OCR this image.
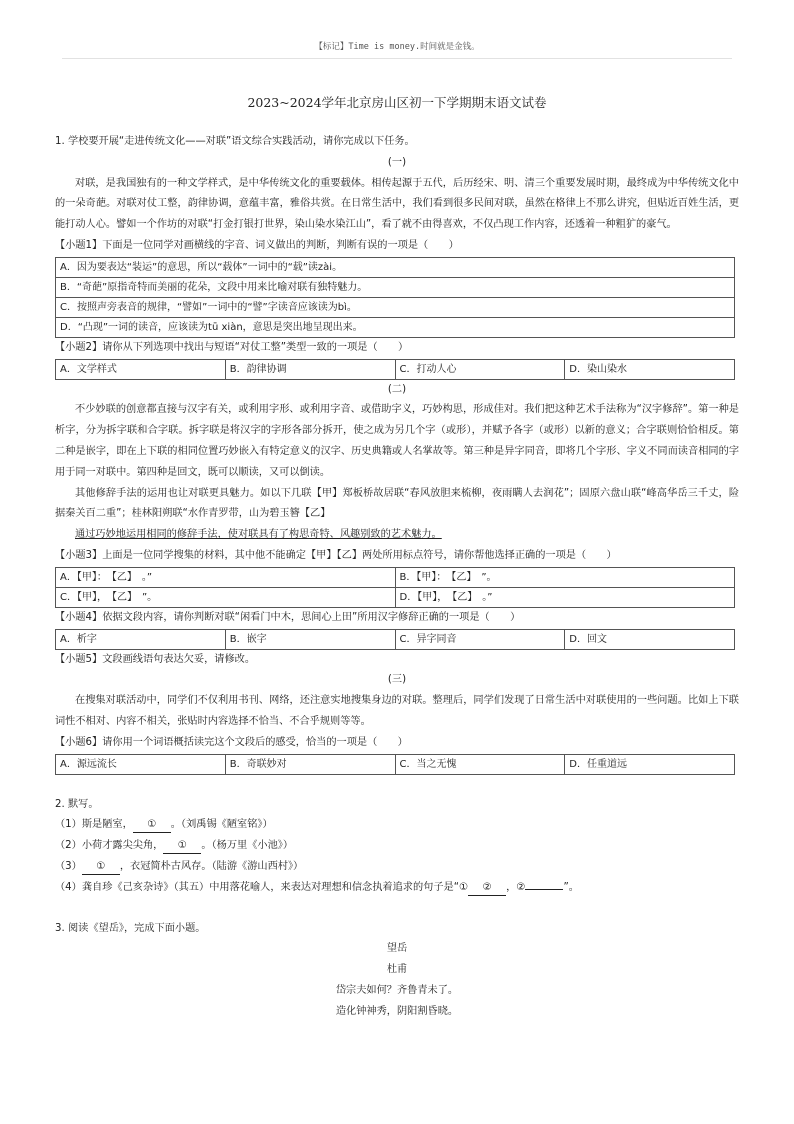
【标记】Time is money.时间就是金钱。
2023~2024学年北京房山区初一下学期期末语文试卷

1. 学校要开展“走进传统文化——对联”语文综合实践活动，请你完成以下任务。

(一)

对联，是我国独有的一种文学样式，是中华传统文化的重要载体。相传起源于五代，后历经宋、明、清三个重要发展时期，最终成为中华传统文化中的一朵奇葩。对联对仗工整，韵律协调，意蕴丰富，雅俗共赏。在日常生活中，我们看到很多民间对联，虽然在格律上不那么讲究，但贴近百姓生活，更能打动人心。譬如一个作坊的对联“打金打银打世界，染山染水染江山”，看了就不由得喜欢，不仅凸现工作内容，还透着一种粗犷的豪气。

【小题1】下面是一位同学对画横线的字音、词义做出的判断，判断有误的一项是（　　）

A．因为要表达“装运”的意思，所以“载体”一词中的“载”读zài。
B．“奇葩”原指奇特而美丽的花朵，文段中用来比喻对联有独特魅力。
C．按照声旁表音的规律，“譬如”一词中的“譬”字读音应该读为bì。
D．“凸现”一词的读音，应该读为tū xiàn，意思是突出地呈现出来。

【小题2】请你从下列选项中找出与短语“对仗工整”类型一致的一项是（　　）

A．文学样式	B．韵律协调	C．打动人心	D．染山染水

(二)

不少妙联的创意都直接与汉字有关，或利用字形、或利用字音、或借助字义，巧妙构思，形成佳对。我们把这种艺术手法称为“汉字修辞”。第一种是析字，分为拆字联和合字联。拆字联是将汉字的字形各部分拆开，使之成为另几个字（或形），并赋予各字（或形）以新的意义；合字联则恰恰相反。第二种是嵌字，即在上下联的相同位置巧妙嵌入有特定意义的汉字、历史典籍或人名掌故等。第三种是异字同音，即将几个字形、字义不同而读音相同的字用于同一对联中。第四种是回文，既可以顺读，又可以倒读。
其他修辞手法的运用也让对联更具魅力。如以下几联【甲】郑板桥故居联“春风放胆来梳柳，夜雨瞒人去润花”；固原六盘山联“峰高华岳三千丈，险据秦关百二重”；桂林阳朔联“水作青罗带，山为碧玉簪【乙】
通过巧妙地运用相同的修辞手法，使对联具有了构思奇特、风趣别致的艺术魅力。

【小题3】上面是一位同学搜集的材料，其中他不能确定【甲】【乙】两处所用标点符号，请你帮他选择正确的一项是（　　）

A．【甲】：　【乙】　。”	B．【甲】：　【乙】　”。
C．【甲】，　【乙】　”。	D．【甲】，　【乙】　。”

【小题4】依据文段内容，请你判断对联“闲看门中木，思间心上田”所用汉字修辞正确的一项是（　　）

A．析字	B．嵌字	C．异字同音	D．回文

【小题5】文段画线语句表达欠妥，请修改。

(三)

在搜集对联活动中，同学们不仅利用书刊、网络，还注意实地搜集身边的对联。整理后，同学们发现了日常生活中对联使用的一些问题。比如上下联词性不相对、内容不相关，张贴时内容选择不恰当、不合乎规则等等。

【小题6】请你用一个词语概括读完这个文段后的感受，恰当的一项是（　　）

A．源远流长	B．奇联妙对	C．当之无愧	D．任重道远

2. 默写。

（1）斯是陋室， ① 。（刘禹锡《陋室铭》）

（2）小荷才露尖尖角， ① 。（杨万里《小池》）

（3） ① ，衣冠简朴古风存。（陆游《游山西村》）

（4）龚自珍《己亥杂诗》（其五）中用落花喻人，来表达对理想和信念执着追求的句子是“① ② ，②	”。

3. 阅读《望岳》，完成下面小题。

望岳

杜甫

岱宗夫如何？齐鲁青未了。

造化钟神秀，阴阳割昏晓。
